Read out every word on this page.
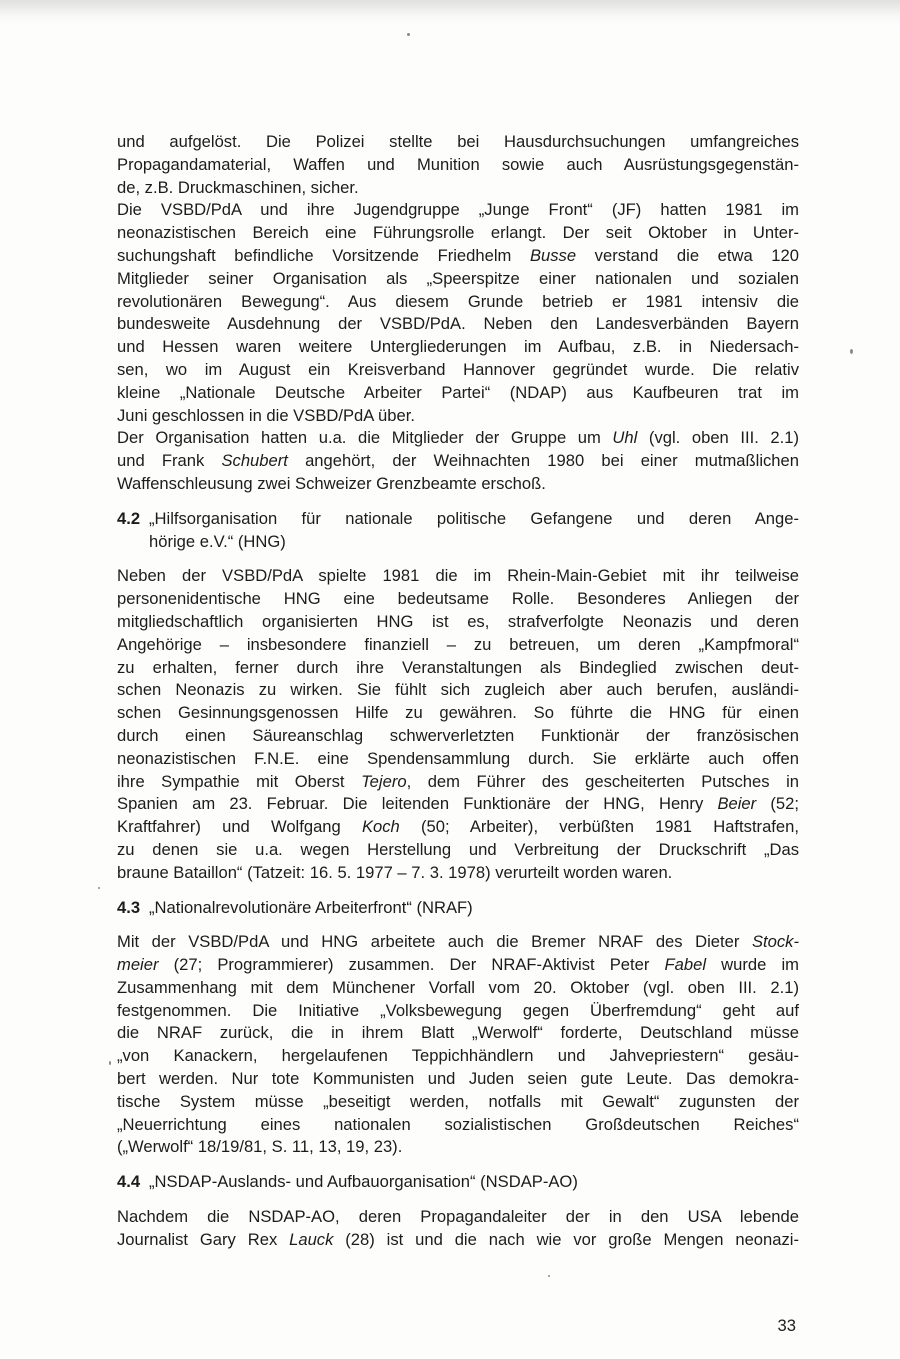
und aufgelöst. Die Polizei stellte bei Hausdurchsuchungen umfangreiches
Propagandamaterial, Waffen und Munition sowie auch Ausrüstungsgegenstän-
de, z.B. Druckmaschinen, sicher.
Die VSBD/PdA und ihre Jugendgruppe „Junge Front“ (JF) hatten 1981 im
neonazistischen Bereich eine Führungsrolle erlangt. Der seit Oktober in Unter-
suchungshaft befindliche Vorsitzende Friedhelm Busse verstand die etwa 120
Mitglieder seiner Organisation als „Speerspitze einer nationalen und sozialen
revolutionären Bewegung“. Aus diesem Grunde betrieb er 1981 intensiv die
bundesweite Ausdehnung der VSBD/PdA. Neben den Landesverbänden Bayern
und Hessen waren weitere Untergliederungen im Aufbau, z.B. in Niedersach-
sen, wo im August ein Kreisverband Hannover gegründet wurde. Die relativ
kleine „Nationale Deutsche Arbeiter Partei“ (NDAP) aus Kaufbeuren trat im
Juni geschlossen in die VSBD/PdA über.
Der Organisation hatten u.a. die Mitglieder der Gruppe um Uhl (vgl. oben III. 2.1)
und Frank Schubert angehört, der Weihnachten 1980 bei einer mutmaßlichen
Waffenschleusung zwei Schweizer Grenzbeamte erschoß.
4.2 „Hilfsorganisation für nationale politische Gefangene und deren Ange-
hörige e.V.“ (HNG)
Neben der VSBD/PdA spielte 1981 die im Rhein-Main-Gebiet mit ihr teilweise
personenidentische HNG eine bedeutsame Rolle. Besonderes Anliegen der
mitgliedschaftlich organisierten HNG ist es, strafverfolgte Neonazis und deren
Angehörige – insbesondere finanziell – zu betreuen, um deren „Kampfmoral“
zu erhalten, ferner durch ihre Veranstaltungen als Bindeglied zwischen deut-
schen Neonazis zu wirken. Sie fühlt sich zugleich aber auch berufen, ausländi-
schen Gesinnungsgenossen Hilfe zu gewähren. So führte die HNG für einen
durch einen Säureanschlag schwerverletzten Funktionär der französischen
neonazistischen F.N.E. eine Spendensammlung durch. Sie erklärte auch offen
ihre Sympathie mit Oberst Tejero, dem Führer des gescheiterten Putsches in
Spanien am 23. Februar. Die leitenden Funktionäre der HNG, Henry Beier (52;
Kraftfahrer) und Wolfgang Koch (50; Arbeiter), verbüßten 1981 Haftstrafen,
zu denen sie u.a. wegen Herstellung und Verbreitung der Druckschrift „Das
braune Bataillon“ (Tatzeit: 16. 5. 1977 – 7. 3. 1978) verurteilt worden waren.
4.3 „Nationalrevolutionäre Arbeiterfront“ (NRAF)
Mit der VSBD/PdA und HNG arbeitete auch die Bremer NRAF des Dieter Stock-
meier (27; Programmierer) zusammen. Der NRAF-Aktivist Peter Fabel wurde im
Zusammenhang mit dem Münchener Vorfall vom 20. Oktober (vgl. oben III. 2.1)
festgenommen. Die Initiative „Volksbewegung gegen Überfremdung“ geht auf
die NRAF zurück, die in ihrem Blatt „Werwolf“ forderte, Deutschland müsse
„von Kanackern, hergelaufenen Teppichhändlern und Jahvepriestern“ gesäu-
bert werden. Nur tote Kommunisten und Juden seien gute Leute. Das demokra-
tische System müsse „beseitigt werden, notfalls mit Gewalt“ zugunsten der
„Neuerrichtung eines nationalen sozialistischen Großdeutschen Reiches“
(„Werwolf“ 18/19/81, S. 11, 13, 19, 23).
4.4 „NSDAP-Auslands- und Aufbauorganisation“ (NSDAP-AO)
Nachdem die NSDAP-AO, deren Propagandaleiter der in den USA lebende
Journalist Gary Rex Lauck (28) ist und die nach wie vor große Mengen neonazi-
33
